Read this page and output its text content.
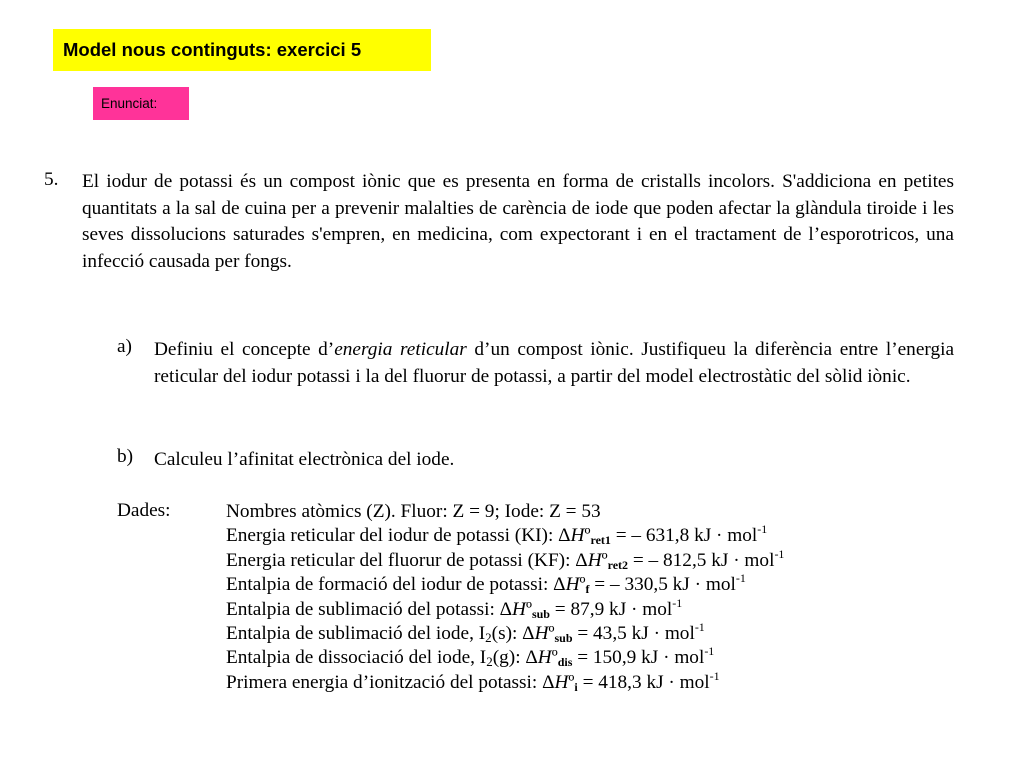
Model nous continguts: exercici 5
Enunciat:
5. El iodur de potassi és un compost iònic que es presenta en forma de cristalls incolors. S'addiciona en petites quantitats a la sal de cuina per a prevenir malalties de carència de iode que poden afectar la glàndula tiroide i les seves dissolucions saturades s'empren, en medicina, com expectorant i en el tractament de l’esporotricos, una infecció causada per fongs.
a) Definiu el concepte d’energia reticular d’un compost iònic. Justifiqueu la diferència entre l’energia reticular del iodur potassi i la del fluorur de potassi, a partir del model electrostàtic del sòlid iònic.
b) Calculeu l’afinitat electrònica del iode.
Dades:	Nombres atòmics (Z). Fluor: Z = 9; Iode: Z = 53
Energia reticular del iodur de potassi (KI): ΔHº$_{ret1}$ = – 631,8 kJ · mol$^{-1}$
Energia reticular del fluorur de potassi (KF): ΔHº$_{ret2}$ = – 812,5 kJ · mol$^{-1}$
Entalpia de formació del iodur de potassi: ΔHº$_f$ = – 330,5 kJ · mol$^{-1}$
Entalpia de sublimació del potassi: ΔHº$_{sub}$ = 87,9 kJ · mol$^{-1}$
Entalpia de sublimació del iode, $I_2(s)$: ΔHº$_{sub}$ = 43,5 kJ · mol$^{-1}$
Entalpia de dissociació del iode, $I_2(g)$: ΔHº$_{dis}$ = 150,9 kJ · mol$^{-1}$
Primera energia d’ionització del potassi: ΔHº$_i$ = 418,3 kJ · mol$^{-1}$
